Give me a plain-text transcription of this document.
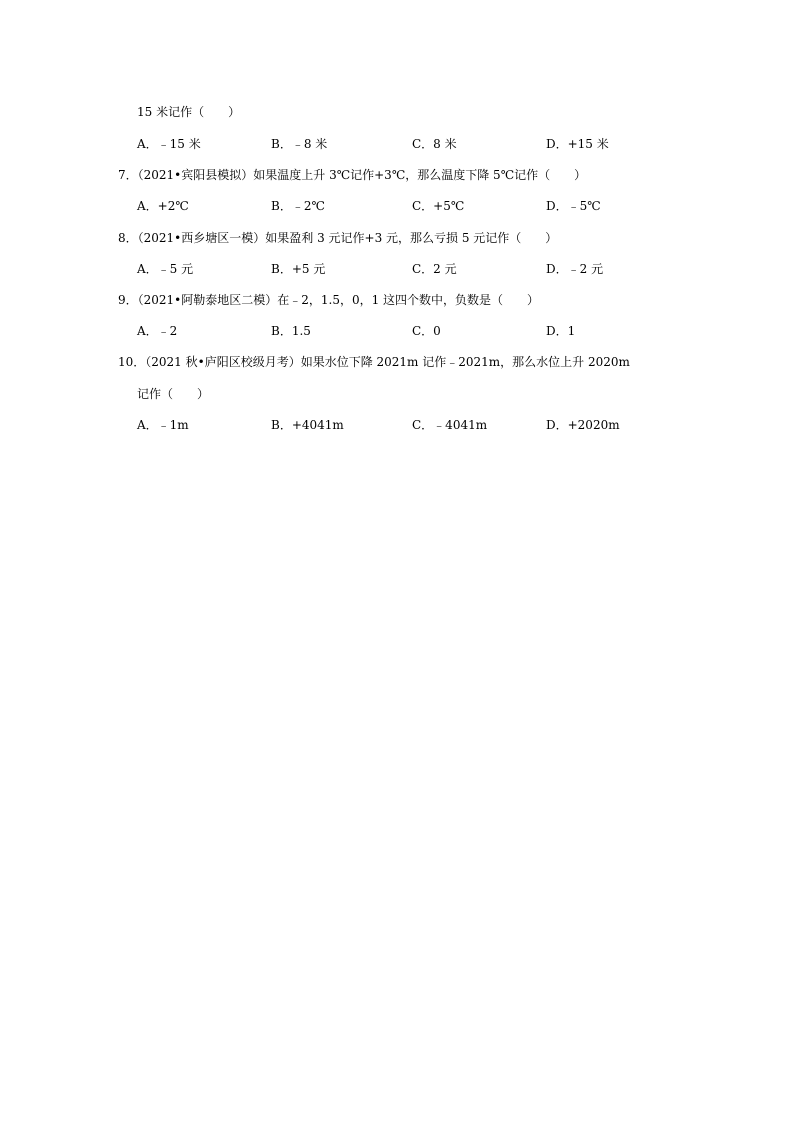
15 米记作（　　）
A．﹣15 米	B．﹣8 米	C．8 米	D．+15 米
7．（2021•宾阳县模拟）如果温度上升 3℃记作+3℃，那么温度下降 5℃记作（　　）
A．+2℃	B．﹣2℃	C．+5℃	D．﹣5℃
8．（2021•西乡塘区一模）如果盈利 3 元记作+3 元，那么亏损 5 元记作（　　）
A．﹣5 元	B．+5 元	C．2 元	D．﹣2 元
9．（2021•阿勒泰地区二模）在﹣2，1.5，0，1 这四个数中，负数是（　　）
A．﹣2	B．1.5	C．0	D．1
10．（2021 秋•庐阳区校级月考）如果水位下降 2021m 记作﹣2021m，那么水位上升 2020m
记作（　　）
A．﹣1m	B．+4041m	C．﹣4041m	D．+2020m
